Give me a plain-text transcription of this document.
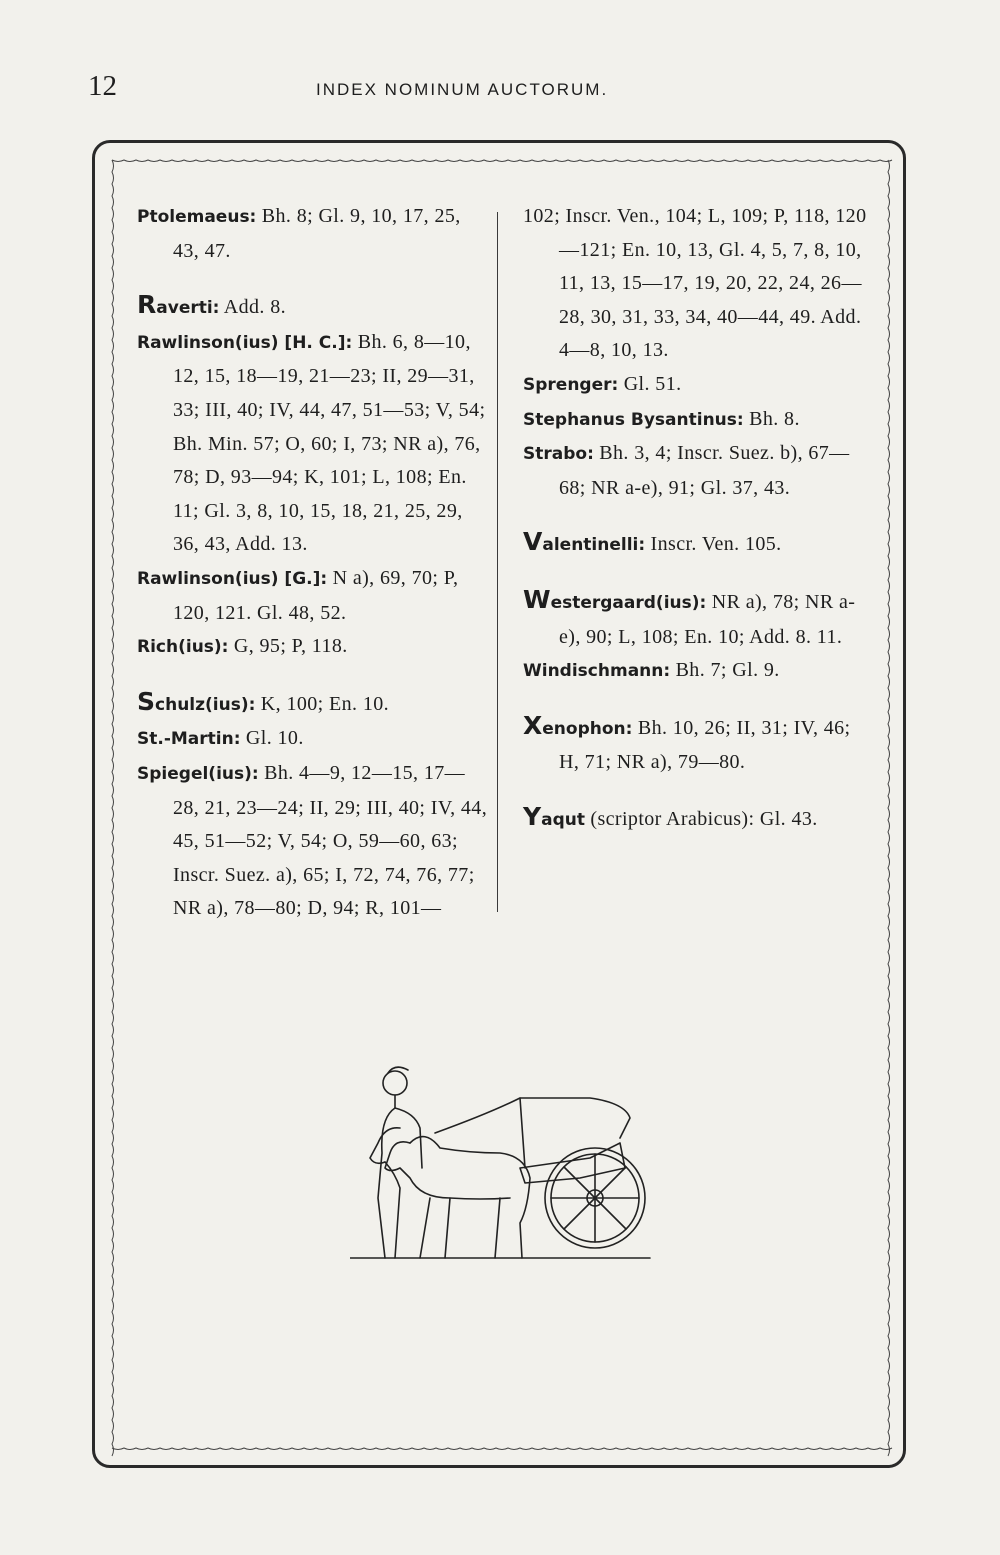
12	INDEX NOMINUM AUCTORUM.
Ptolemaeus: Bh. 8; Gl. 9, 10, 17, 25, 43, 47.
Raverti: Add. 8.
Rawlinson(ius) [H. C.]: Bh. 6, 8—10, 12, 15, 18—19, 21—23; II, 29—31, 33; III, 40; IV, 44, 47, 51—53; V, 54; Bh. Min. 57; O, 60; I, 73; NR a), 76, 78; D, 93—94; K, 101; L, 108; En. 11; Gl. 3, 8, 10, 15, 18, 21, 25, 29, 36, 43, Add. 13.
Rawlinson(ius) [G.]: N a), 69, 70; P, 120, 121. Gl. 48, 52.
Rich(ius): G, 95; P, 118.
Schulz(ius): K, 100; En. 10.
St.-Martin: Gl. 10.
Spiegel(ius): Bh. 4—9, 12—15, 17—28, 21, 23—24; II, 29; III, 40; IV, 44, 45, 51—52; V, 54; O, 59—60, 63; Inscr. Suez. a), 65; I, 72, 74, 76, 77; NR a), 78—80; D, 94; R, 101—
102; Inscr. Ven., 104; L, 109; P, 118, 120—121; En. 10, 13, Gl. 4, 5, 7, 8, 10, 11, 13, 15—17, 19, 20, 22, 24, 26—28, 30, 31, 33, 34, 40—44, 49. Add. 4—8, 10, 13.
Sprenger: Gl. 51.
Stephanus Bysantinus: Bh. 8.
Strabo: Bh. 3, 4; Inscr. Suez. b), 67—68; NR a-e), 91; Gl. 37, 43.
Valentinelli: Inscr. Ven. 105.
Westergaard(ius): NR a), 78; NR a-e), 90; L, 108; En. 10; Add. 8. 11.
Windischmann: Bh. 7; Gl. 9.
Xenophon: Bh. 10, 26; II, 31; IV, 46; H, 71; NR a), 79—80.
Yaqut (scriptor Arabicus): Gl. 43.
